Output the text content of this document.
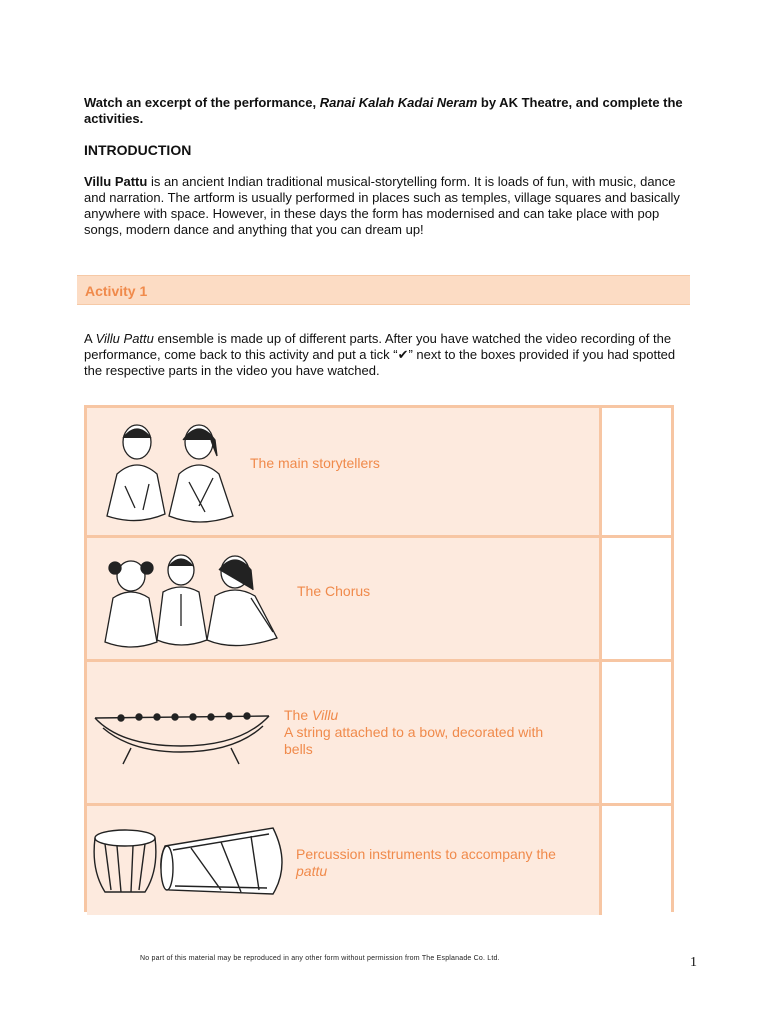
Watch an excerpt of the performance, Ranai Kalah Kadai Neram by AK Theatre, and complete the activities.
INTRODUCTION
Villu Pattu is an ancient Indian traditional musical-storytelling form. It is loads of fun, with music, dance and narration. The artform is usually performed in places such as temples, village squares and basically anywhere with space. However, in these days the form has modernised and can take place with pop songs, modern dance and anything that you can dream up!
Activity 1
A Villu Pattu ensemble is made up of different parts. After you have watched the video recording of the performance, come back to this activity and put a tick “✔” next to the boxes provided if you had spotted the respective parts in the video you have watched.
The main storytellers
The Chorus
The Villu
A string attached to a bow, decorated with bells
Percussion instruments to accompany the pattu
No part of this material may be reproduced in any other form without permission from The Esplanade Co. Ltd.	1
